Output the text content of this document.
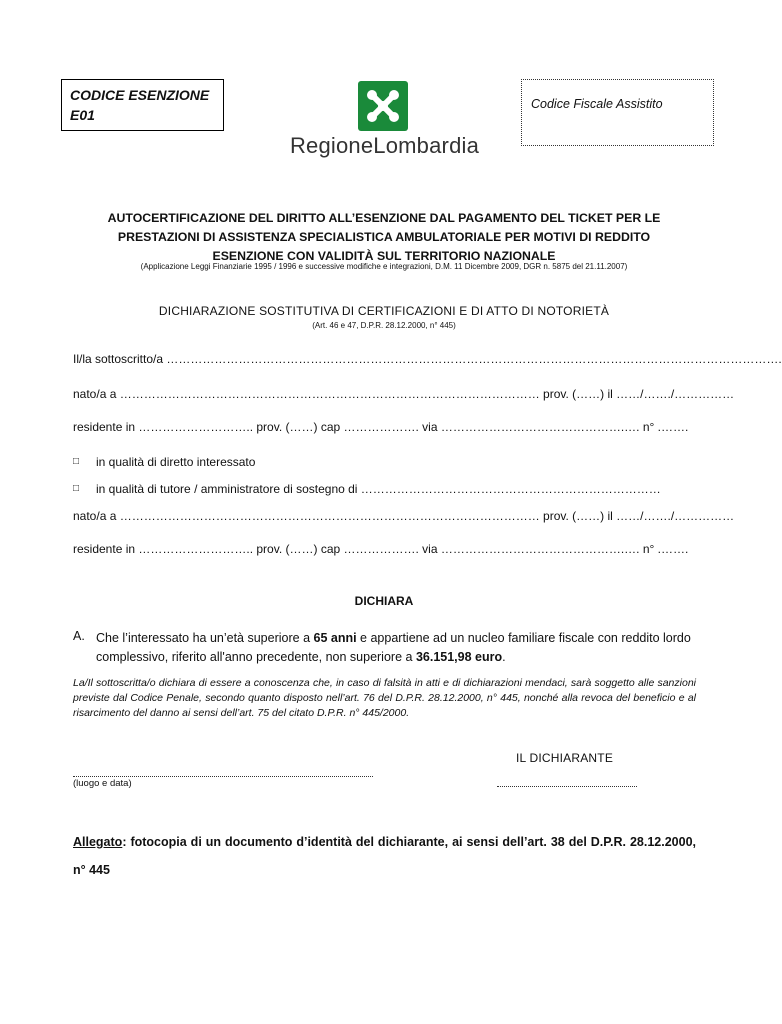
CODICE ESENZIONE
E01
RegioneLombardia
Codice Fiscale Assistito
AUTOCERTIFICAZIONE DEL DIRITTO ALL’ESENZIONE DAL PAGAMENTO DEL TICKET PER LE
PRESTAZIONI DI ASSISTENZA SPECIALISTICA AMBULATORIALE PER MOTIVI DI REDDITO
ESENZIONE CON VALIDITÀ SUL TERRITORIO NAZIONALE
(Applicazione Leggi Finanziarie 1995 / 1996 e successive modifiche e integrazioni, D.M. 11 Dicembre 2009, DGR n. 5875 del 21.11.2007)
DICHIARAZIONE SOSTITUTIVA DI CERTIFICAZIONI E DI ATTO DI NOTORIETÀ
(Art. 46 e 47, D.P.R. 28.12.2000, n° 445)
Il/la sottoscritto/a ……………………………………………………………………………………………………………………………………….
nato/a a …………………………………………………………………………………………… prov. (……) il ……/……./……………
residente in ……………………….. prov. (……) cap ………………. via ……………………………………….…. n° .…….
□	in qualità di diretto interessato
□	in qualità di tutore / amministratore di sostegno di …………………………………………………………………
nato/a a …………………………………………………………………………………………… prov. (……) il ……/……./……………
residente in ……………………….. prov. (……) cap ………………. via ……………………………………….…. n° .…….
DICHIARA
A. Che l’interessato ha un’età superiore a 65 anni e appartiene ad un nucleo familiare fiscale con reddito lordo complessivo, riferito all'anno precedente, non superiore a 36.151,98 euro.
La/Il sottoscritta/o dichiara di essere a conoscenza che, in caso di falsità in atti e di dichiarazioni mendaci, sarà soggetto alle sanzioni previste dal Codice Penale, secondo quanto disposto nell’art. 76 del D.P.R. 28.12.2000, n° 445, nonché alla revoca del beneficio e al risarcimento del danno ai sensi dell’art. 75 del citato D.P.R. n° 445/2000.
IL DICHIARANTE
(luogo e data)
Allegato: fotocopia di un documento d’identità del dichiarante, ai sensi dell’art. 38 del D.P.R. 28.12.2000, n° 445
